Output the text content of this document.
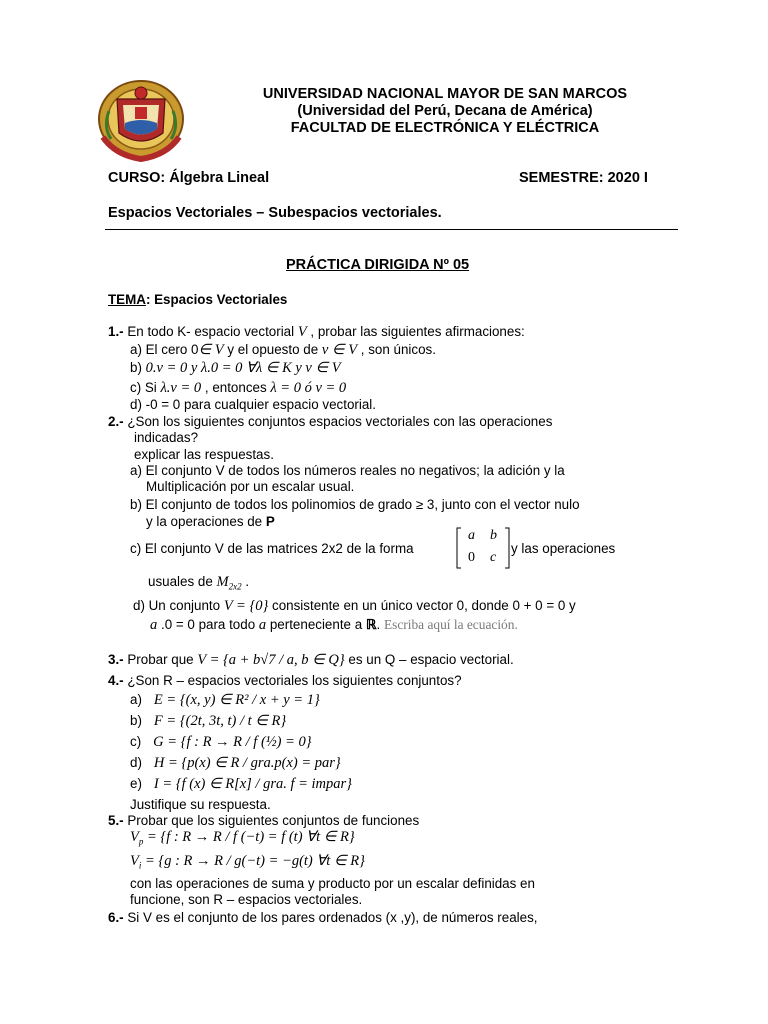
UNIVERSIDAD NACIONAL MAYOR DE SAN MARCOS
(Universidad del Perú, Decana de América)
FACULTAD DE ELECTRÓNICA Y ELÉCTRICA
CURSO: Álgebra Lineal	SEMESTRE: 2020 I
Espacios Vectoriales – Subespacios vectoriales.
PRÁCTICA DIRIGIDA Nº 05
TEMA: Espacios Vectoriales
1.- En todo K- espacio vectorial V , probar las siguientes afirmaciones:
a) El cero 0∈ V y el opuesto de v ∈ V , son únicos.
b) 0.v = 0 y λ.0 = 0 ∀λ ∈ K y v ∈ V
c) Si λ.v = 0 , entonces λ = 0 ó v = 0
d) -0 = 0 para cualquier espacio vectorial.
2.- ¿Son los siguientes conjuntos espacios vectoriales con las operaciones
indicadas?
explicar las respuestas.
a) El conjunto V de todos los números reales no negativos; la adición y la
Multiplicación por un escalar usual.
b) El conjunto de todos los polinomios de grado ≥ 3, junto con el vector nulo
y la operaciones de P
c) El conjunto V de las matrices 2x2 de la forma
a b
0 c
y las operaciones
usuales de $M_{2x2}$ .
d) Un conjunto V = {0} consistente en un único vector 0, donde 0 + 0 = 0 y
a .0 = 0 para todo a perteneciente a ℝ. Escriba aquí la ecuación.
3.- Probar que V = {a + b√7 / a, b ∈ Q} es un Q – espacio vectorial.
4.- ¿Son R – espacios vectoriales los siguientes conjuntos?
a) E = {(x, y) ∈ R² / x + y = 1}
b) F = {(2t, 3t, t) / t ∈ R}
c) G = {f : R → R / f (½) = 0}
d) H = {p(x) ∈ R / gra.p(x) = par}
e) I = {f (x) ∈ R[x] / gra. f = impar}
Justifique su respuesta.
5.- Probar que los siguientes conjuntos de funciones
$V_p = \{f$ : R → R / f (−t) = f (t) ∀t ∈ R}
$V_i = \{g$ : R → R / g(−t) = −g(t) ∀t ∈ R}
con las operaciones de suma y producto por un escalar definidas en
funcione, son R – espacios vectoriales.
6.- Si V es el conjunto de los pares ordenados (x ,y), de números reales,
